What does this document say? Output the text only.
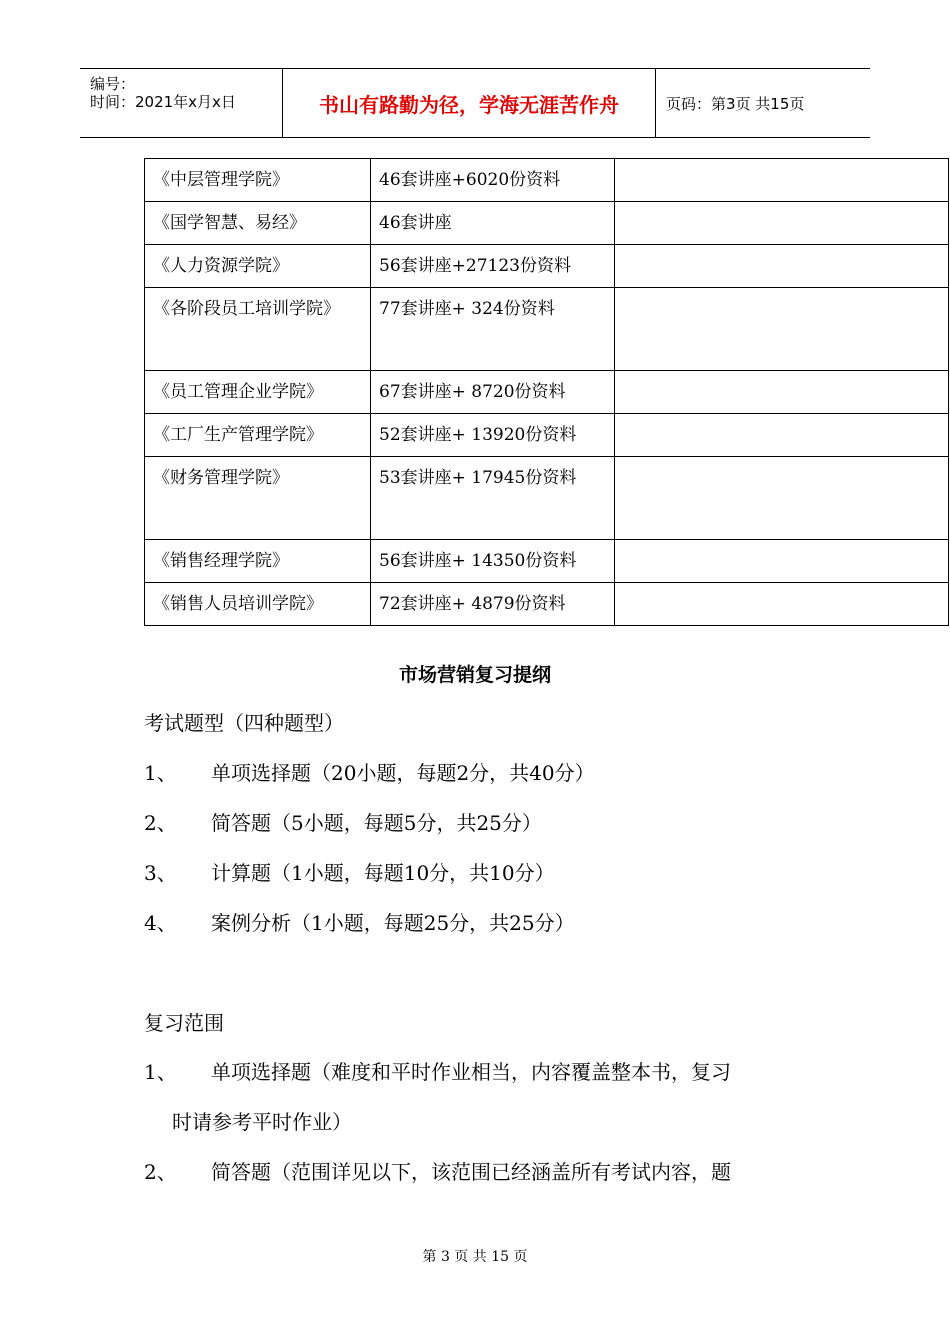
编号：
时间：2021年x月x日	书山有路勤为径，学海无涯苦作舟	页码：第3页 共15页
《中层管理学院》	46套讲座+6020份资料	
《国学智慧、易经》	46套讲座	
《人力资源学院》	56套讲座+27123份资料	
《各阶段员工培训学院》	77套讲座+ 324份资料	
《员工管理企业学院》	67套讲座+ 8720份资料	
《工厂生产管理学院》	52套讲座+ 13920份资料	
《财务管理学院》	53套讲座+ 17945份资料	
《销售经理学院》	56套讲座+ 14350份资料	
《销售人员培训学院》	72套讲座+ 4879份资料	
市场营销复习提纲
考试题型（四种题型）
1、 单项选择题（20小题，每题2分，共40分）
2、 简答题（5小题，每题5分，共25分）
3、 计算题（1小题，每题10分，共10分）
4、 案例分析（1小题，每题25分，共25分）
复习范围
1、 单项选择题（难度和平时作业相当，内容覆盖整本书，复习
时请参考平时作业）
2、 简答题（范围详见以下，该范围已经涵盖所有考试内容，题
第 3 页 共 15 页
